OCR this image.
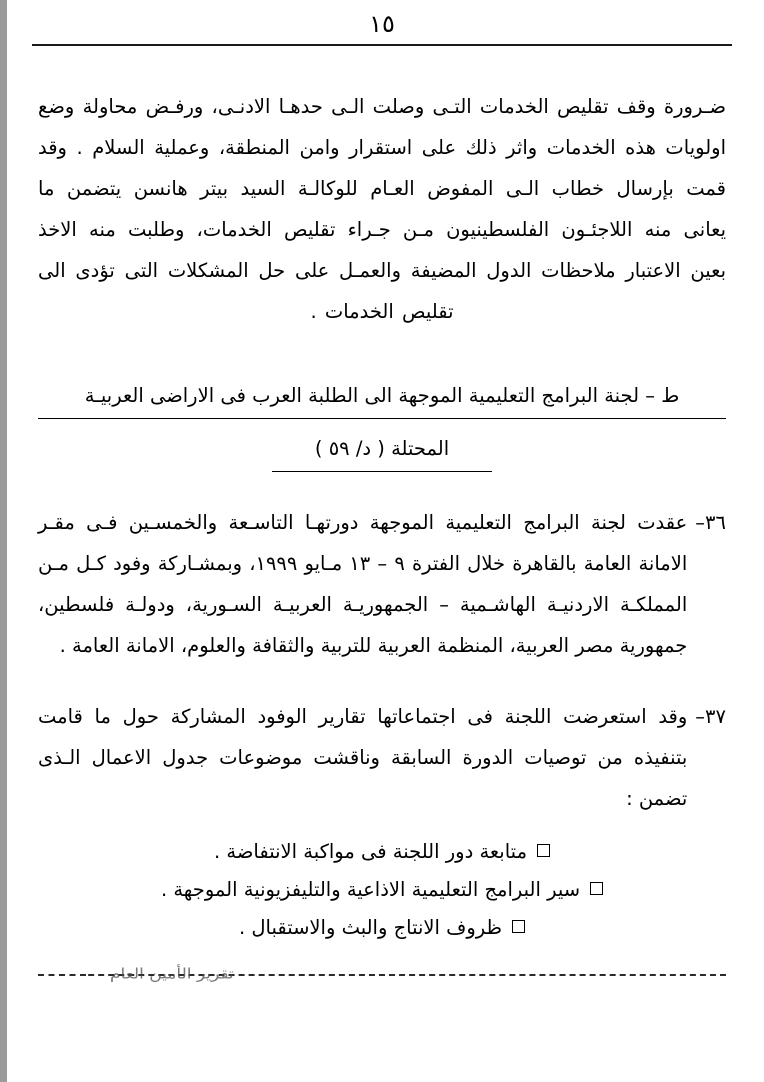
١٥
ضـرورة وقف تقليص الخدمات التـى وصلت الـى حدهـا الادنـى، ورفـض محاولة وضع اولويات هذه الخدمات واثر ذلك على استقرار وامن المنطقة، وعملية السلام . وقد قمت بإرسال خطاب الـى المفوض العـام للوكالـة السيد بيتر هانسن يتضمن ما يعانى منه اللاجئـون الفلسطينيون مـن جـراء تقليص الخدمات، وطلبت منه الاخذ بعين الاعتبار ملاحظات الدول المضيفة والعمـل على حل المشكلات التى تؤدى الى تقليص الخدمات .
ط – لجنة البرامج التعليمية الموجهة الى الطلبة العرب فى الاراضى العربيـة
المحتلة ( د/ ٥٩ )
٣٦–
عقدت لجنة البرامج التعليمية الموجهة دورتهـا التاسـعة والخمسـين فـى مقـر الامانة العامة بالقاهرة خلال الفترة ٩ – ١٣ مـايو ١٩٩٩، وبمشـاركة وفود كـل مـن المملكـة الاردنيـة الهاشـمية – الجمهوريـة العربيـة السـورية، ودولـة فلسطين، جمهورية مصر العربية، المنظمة العربية للتربية والثقافة والعلوم، الامانة العامة .
٣٧–
وقد استعرضت اللجنة فى اجتماعاتها تقارير الوفود المشاركة حول ما قامت بتنفيذه من توصيات الدورة السابقة وناقشت موضوعات جدول الاعمال الـذى تضمن :
متابعة دور اللجنة فى مواكبة الانتفاضة .
سير البرامج التعليمية الاذاعية والتليفزيونية الموجهة .
ظروف الانتاج والبث والاستقبال .
تقرير الأمين العام
